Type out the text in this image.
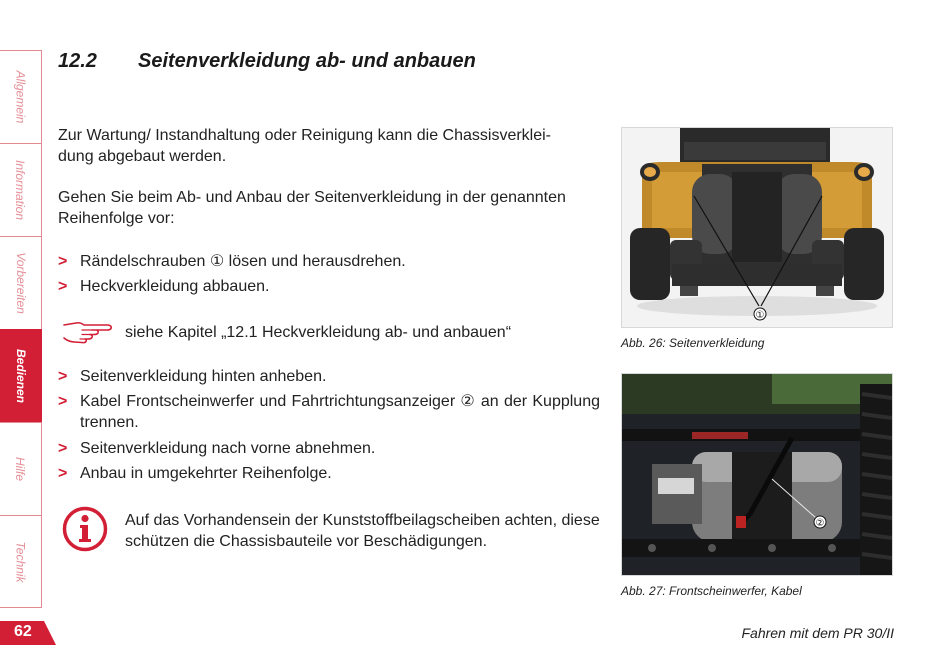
Allgemein
Information
Vorbereiten
Bedienen
Hilfe
Technik
12.2 Seitenverkleidung ab- und anbauen

Zur Wartung/ Instandhaltung oder Reinigung kann die Chassisverklei-
dung abgebaut werden.

Gehen Sie beim Ab- und Anbau der Seitenverkleidung in der genannten
Reihenfolge vor:

> Rändelschrauben ① lösen und herausdrehen.
> Heckverkleidung abbauen.
siehe Kapitel „12.1 Heckverkleidung ab- und anbauen“
> Seitenverkleidung hinten anheben.
> Kabel Frontscheinwerfer und Fahrtrichtungsanzeiger ② an der Kupplung trennen.
> Seitenverkleidung nach vorne abnehmen.
> Anbau in umgekehrter Reihenfolge.
Auf das Vorhandensein der Kunststoffbeilagscheiben achten, diese schützen die Chassisbauteile vor Beschädigungen.
①
Abb. 26: Seitenverkleidung
②
Abb. 27: Frontscheinwerfer, Kabel
62	Fahren mit dem PR 30/II
